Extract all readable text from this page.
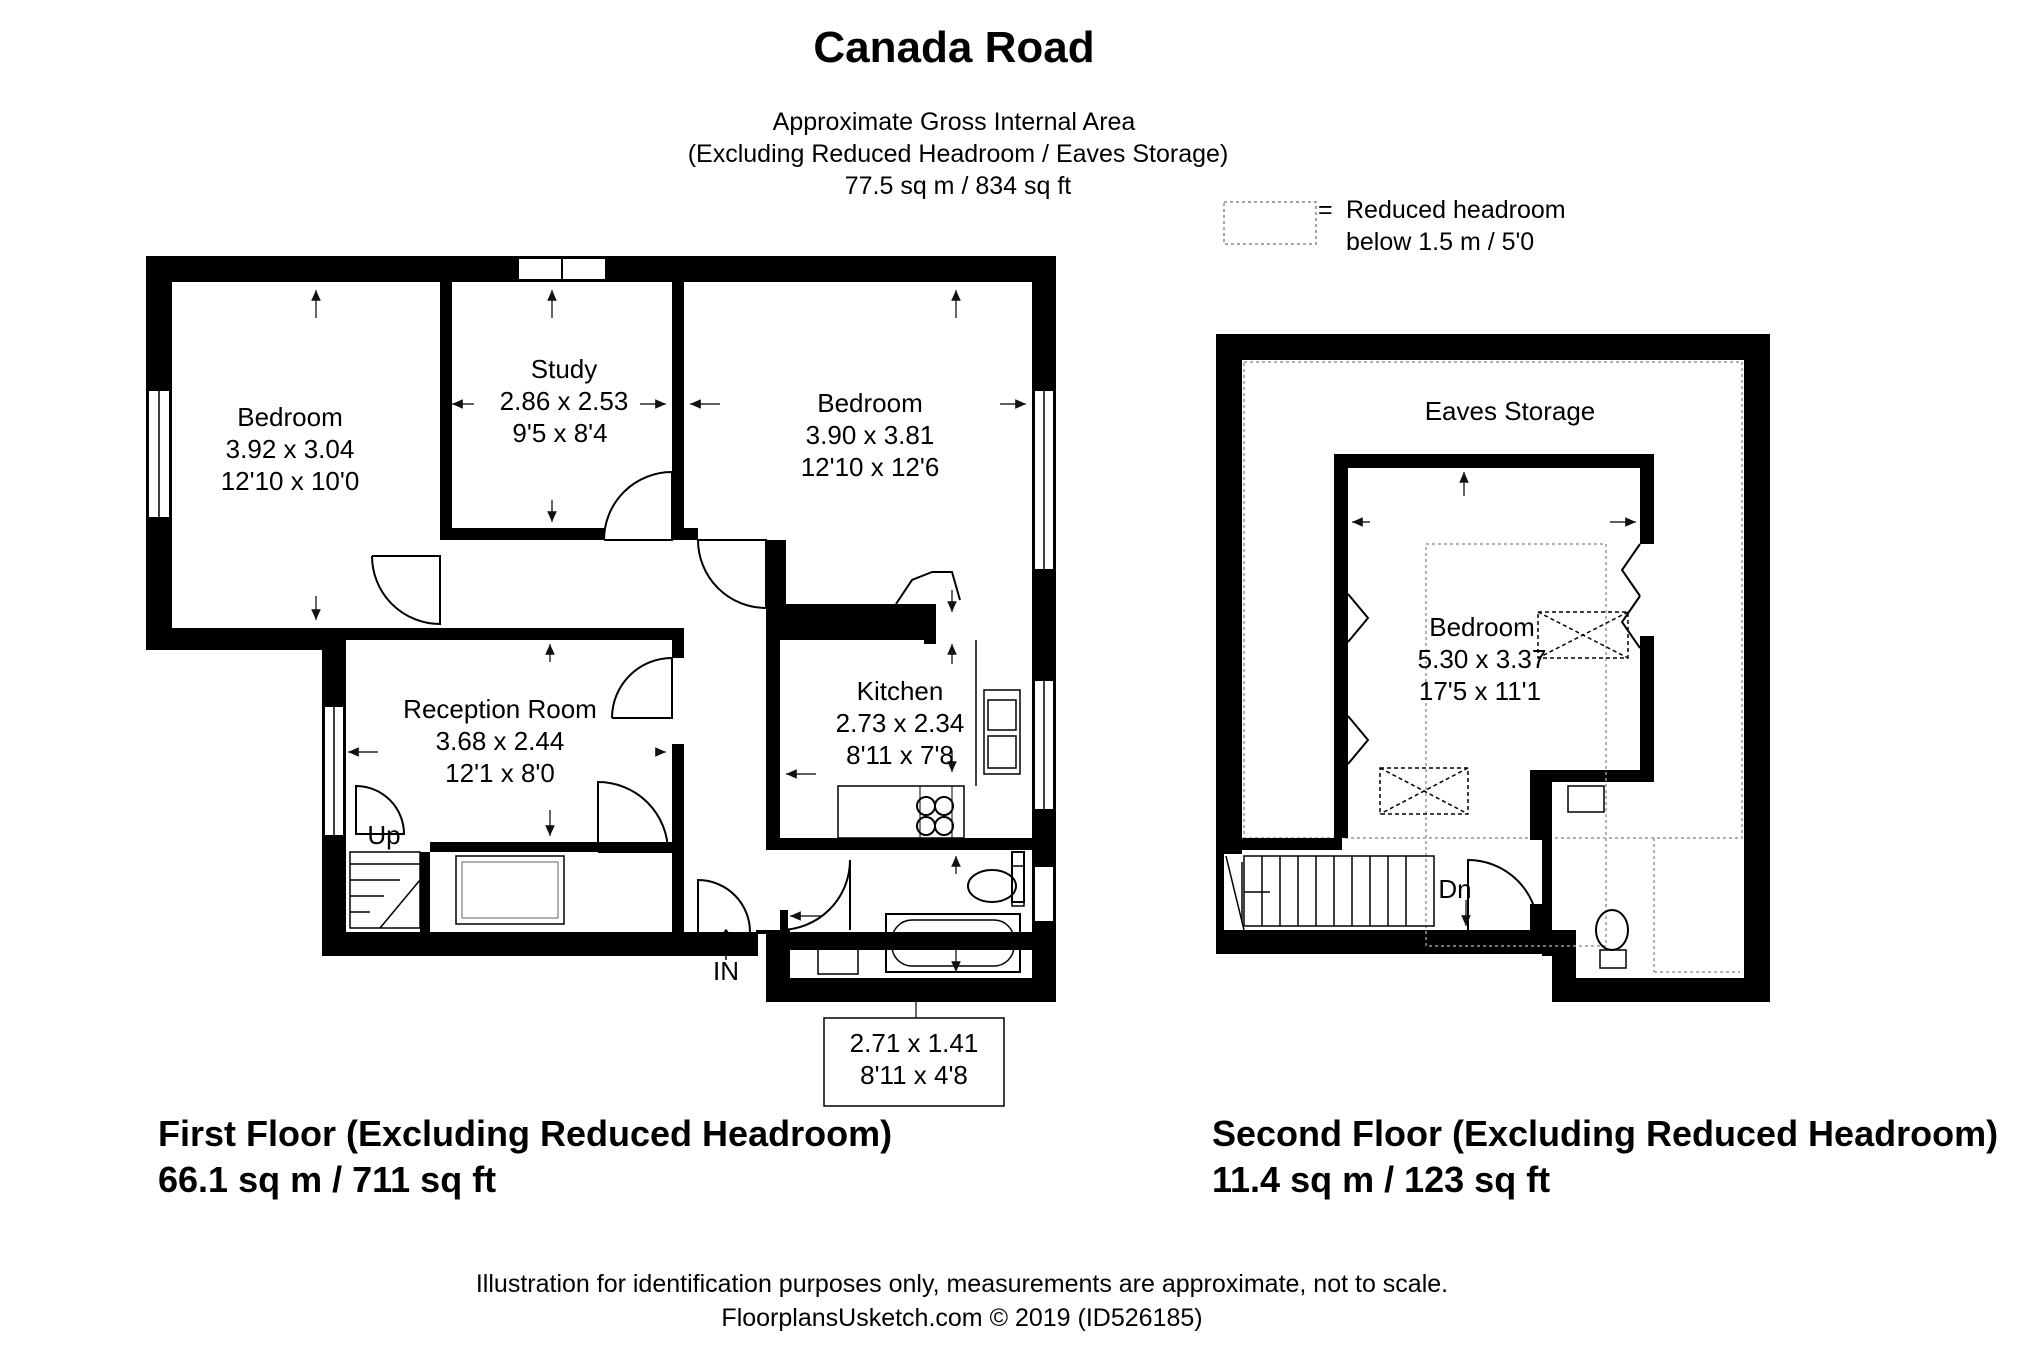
Canada Road
Approximate Gross Internal Area
(Excluding Reduced Headroom / Eaves Storage)
77.5 sq m / 834 sq ft
= Reduced headroom
below 1.5 m / 5'0
Bedroom
3.92 x 3.04
12'10 x 10'0
Study
2.86 x 2.53
9'5 x 8'4
Bedroom
3.90 x 3.81
12'10 x 12'6
Reception Room
3.68 x 2.44
12'1 x 8'0
Kitchen
2.73 x 2.34
8'11 x 7'8
2.71 x 1.41
8'11 x 4'8
Up
IN
Eaves Storage
Bedroom
5.30 x 3.37
17'5 x 11'1
Dn
First Floor (Excluding Reduced Headroom)
66.1 sq m / 711 sq ft
Second Floor (Excluding Reduced Headroom)
11.4 sq m / 123 sq ft
Illustration for identification purposes only, measurements are approximate, not to scale.
FloorplansUsketch.com © 2019 (ID526185)
